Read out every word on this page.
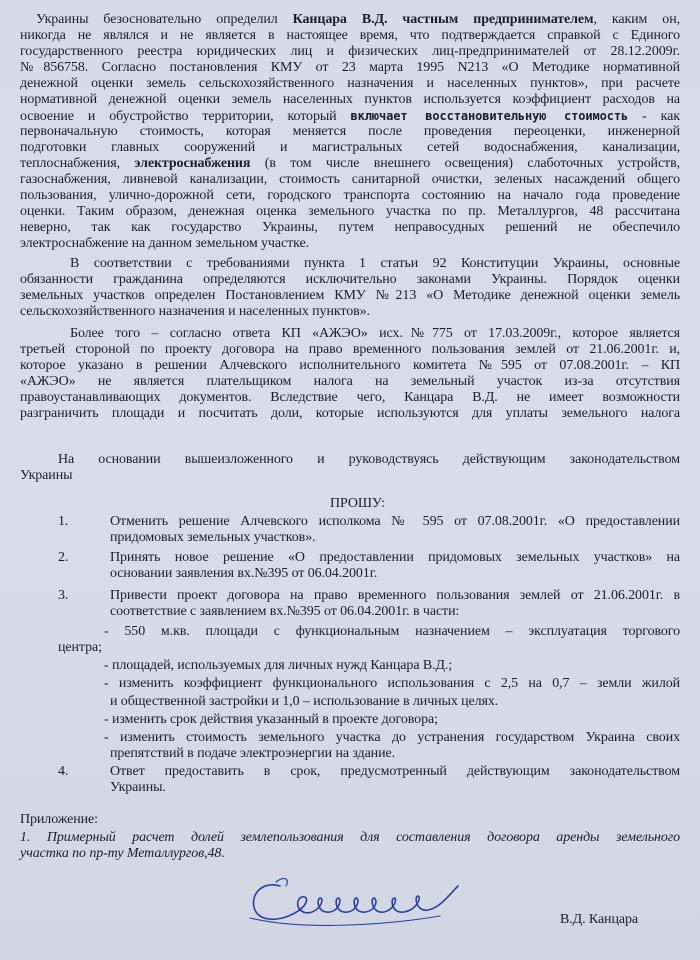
Украины безосновательно определил Канцара В.Д. частным предпринимателем, каким он,
никогда не являлся и не является в настоящее время, что подтверждается справкой с Единого
государственного реестра юридических лиц и физических лиц-предпринимателей от 28.12.2009г.
№856758. Согласно постановления КМУ от 23 марта 1995 N213 «О Методике нормативной
денежной оценки земель сельскохозяйственного назначения и населенных пунктов», при расчете
нормативной денежной оценки земель населенных пунктов используется коэффициент расходов на
освоение и обустройство территории, который включает восстановительную стоимость - как
первоначальную стоимость, которая меняется после проведения переоценки, инженерной
подготовки главных сооружений и магистральных сетей водоснабжения, канализации,
теплоснабжения, электроснабжения (в том числе внешнего освещения) слаботочных устройств,
газоснабжения, ливневой канализации, стоимость санитарной очистки, зеленых насаждений общего
пользования, улично-дорожной сети, городского транспорта состоянию на начало года проведение
оценки. Таким образом, денежная оценка земельного участка по пр. Металлургов, 48 рассчитана
неверно, так как государство Украины, путем неправосудных решений не обеспечило
электроснабжение на данном земельном участке.
В соответствии с требованиями пункта 1 статьи 92 Конституции Украины, основные
обязанности гражданина определяются исключительно законами Украины. Порядок оценки
земельных участков определен Постановлением КМУ №213 «О Методике денежной оценки земель
сельскохозяйственного назначения и населенных пунктов».
Более того – согласно ответа КП «АЖЭО» исх.№775 от 17.03.2009г., которое является
третьей стороной по проекту договора на право временного пользования землей от 21.06.2001г. и,
которое указано в решении Алчевского исполнительного комитета №595 от 07.08.2001г. – КП
«АЖЭО» не является плательщиком налога на земельный участок из-за отсутствия
правоустанавливающих документов. Вследствие чего, Канцара В.Д. не имеет возможности
разграничить площади и посчитать доли, которые используются для уплаты земельного налога
На основании вышеизложенного и руководствуясь действующим законодательством
Украины
ПРОШУ:
1.	Отменить решение Алчевского исполкома № 595 от 07.08.2001г. «О предоставлении
придомовых земельных участков».
2.	Принять новое решение «О предоставлении придомовых земельных участков» на
основании заявления вх.№395 от 06.04.2001г.
3.	Привести проект договора на право временного пользования землей от 21.06.2001г. в
соответствие с заявлением вх.№395 от 06.04.2001г. в части:
- 550 м.кв. площади с функциональным назначением – эксплуатация торгового
центра;
- площадей, используемых для личных нужд Канцара В.Д.;
- изменить коэффициент функционального использования с 2,5 на 0,7 – земли жилой
и общественной застройки и 1,0 – использование в личных целях.
- изменить срок действия указанный в проекте договора;
- изменить стоимость земельного участка до устранения государством Украина своих
препятствий в подаче электроэнергии на здание.
4.	Ответ предоставить в срок, предусмотренный действующим законодательством
Украины.
Приложение:
1. Примерный расчет долей землепользования для составления договора аренды земельного
участка по пр-ту Металлургов,48.
В.Д. Канцара
